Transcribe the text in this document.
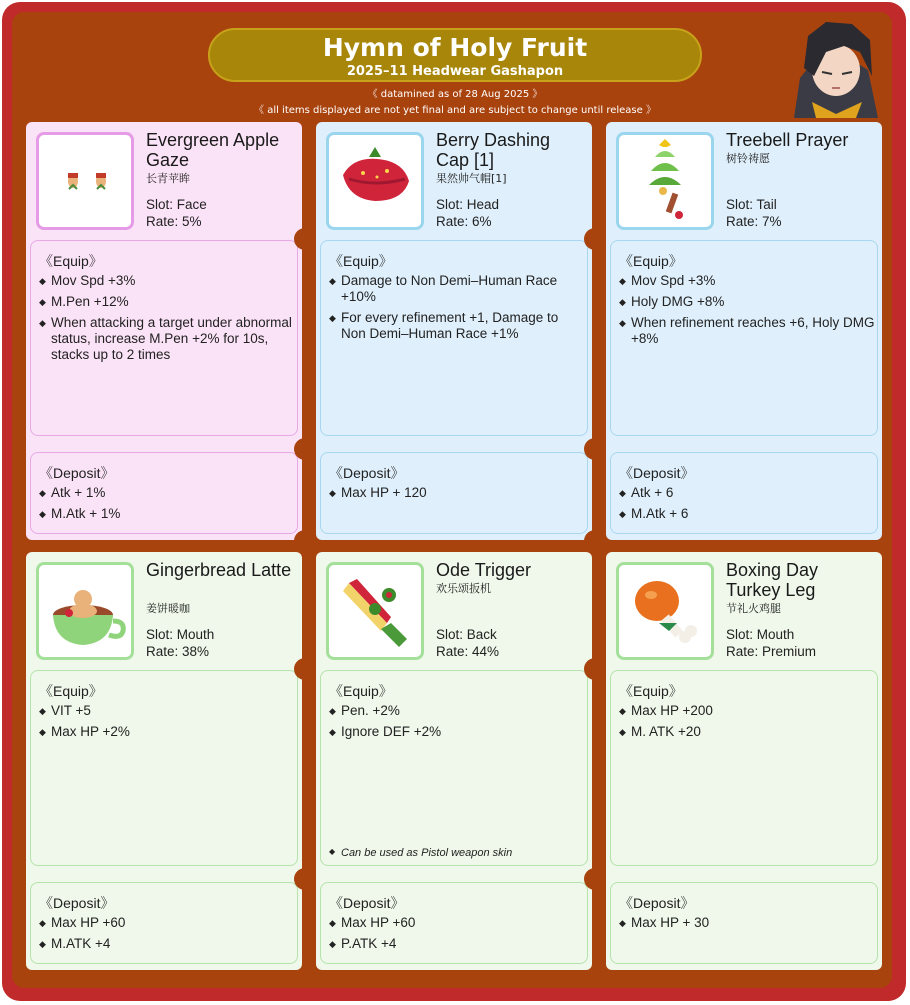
Hymn of Holy Fruit
2025–11 Headwear Gashapon
《 datamined as of 28 Aug 2025 》
《 all items displayed are not yet final and are subject to change until release 》
Evergreen Apple Gaze
长青苹眸
Slot: Face
Rate: 5%
《Equip》
◆ Mov Spd +3%
◆ M.Pen +12%
◆ When attacking a target under abnormal status, increase M.Pen +2% for 10s, stacks up to 2 times
《Deposit》
◆ Atk + 1%
◆ M.Atk + 1%
Berry Dashing Cap [1]
果然帅气帽[1]
Slot: Head
Rate: 6%
《Equip》
◆ Damage to Non Demi–Human Race +10%
◆ For every refinement +1, Damage to Non Demi–Human Race +1%
《Deposit》
◆ Max HP + 120
Treebell Prayer
树铃祷愿
Slot: Tail
Rate: 7%
《Equip》
◆ Mov Spd +3%
◆ Holy DMG +8%
◆ When refinement reaches +6, Holy DMG +8%
《Deposit》
◆ Atk + 6
◆ M.Atk + 6
Gingerbread Latte
姜饼暖咖
Slot: Mouth
Rate: 38%
《Equip》
◆ VIT +5
◆ Max HP +2%
《Deposit》
◆ Max HP +60
◆ M.ATK +4
Ode Trigger
欢乐颂扳机
Slot: Back
Rate: 44%
《Equip》
◆ Pen. +2%
◆ Ignore DEF +2%
◆ Can be used as Pistol weapon skin
《Deposit》
◆ Max HP +60
◆ P.ATK +4
Boxing Day Turkey Leg
节礼火鸡腿
Slot: Mouth
Rate: Premium
《Equip》
◆ Max HP +200
◆ M. ATK +20
《Deposit》
◆ Max HP + 30
